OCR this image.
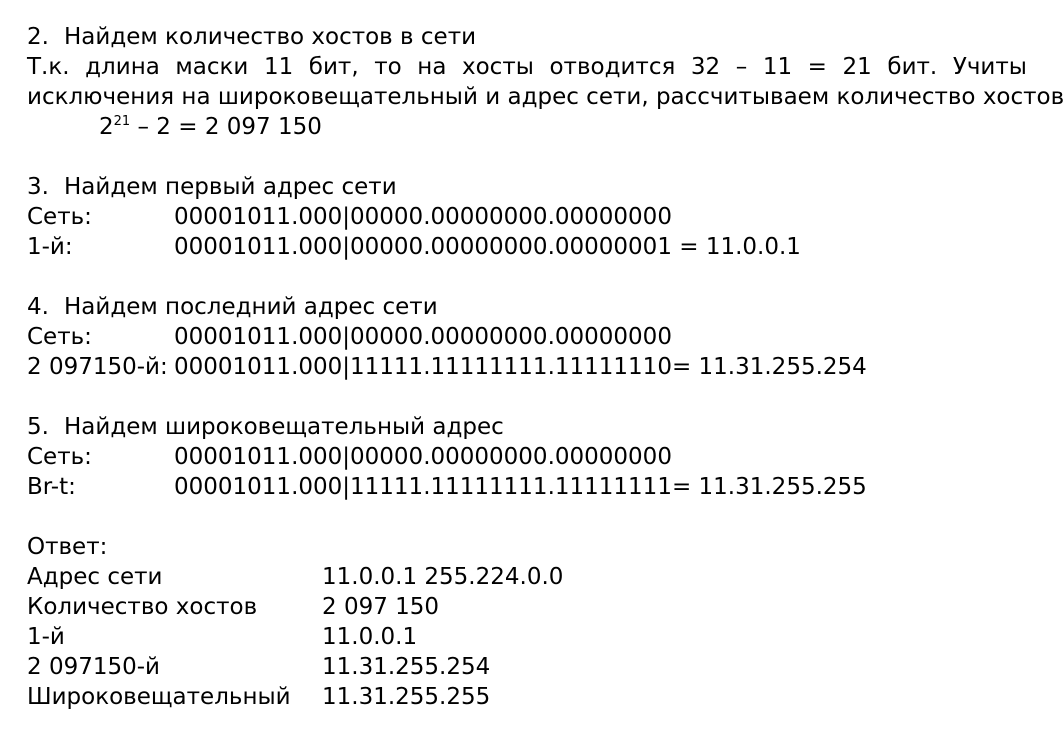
2. Найдем количество хостов в сети
Т.к. длина маски 11 бит, то на хосты отводится 32 – 11 = 21 бит. Учиты
исключения на широковещательный и адрес сети, рассчитываем количество хостов
$2^{21} - 2 = 2$ 097 150
3. Найдем первый адрес сети
Сеть:	00001011.000|00000.00000000.00000000
1-й:	00001011.000|00000.00000000.00000001 = 11.0.0.1
4. Найдем последний адрес сети
Сеть:	00001011.000|00000.00000000.00000000
2 097150-й: 00001011.000|11111.11111111.11111110= 11.31.255.254
5. Найдем широковещательный адрес
Сеть:	00001011.000|00000.00000000.00000000
Br-t:	00001011.000|11111.11111111.11111111= 11.31.255.255
Ответ:
Адрес сети	11.0.0.1 255.224.0.0
Количество хостов	2 097 150
1-й	11.0.0.1
2 097150-й	11.31.255.254
Широковещательный 11.31.255.255
